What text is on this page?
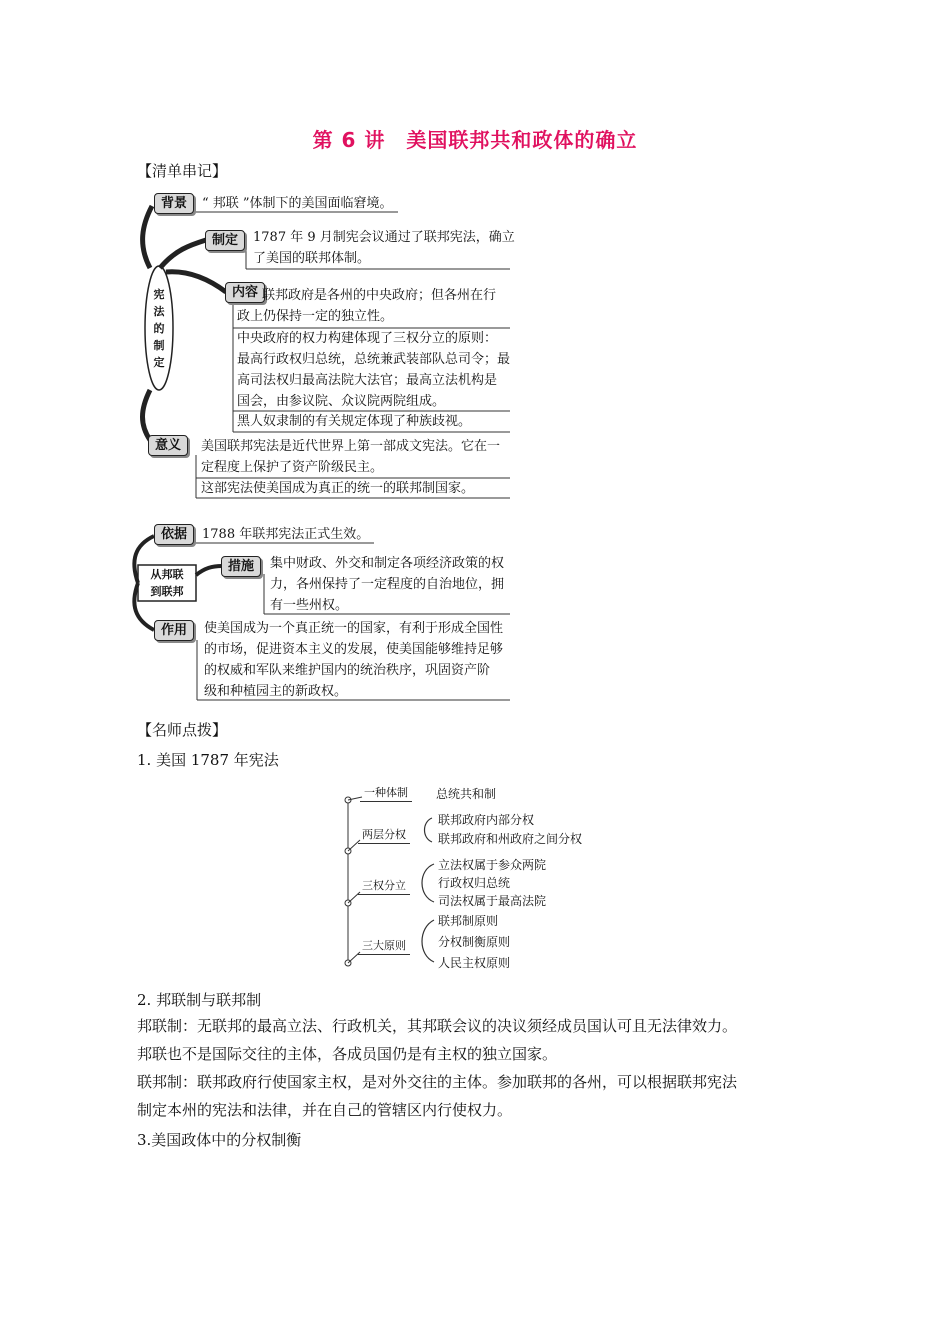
第 6 讲　美国联邦共和政体的确立
【清单串记】
宪
法
的
制
定
背景	“ 邦联 ”体制下的美国面临窘境。
制定	1787 年 9 月制宪会议通过了联邦宪法，确立
了美国的联邦体制。
内容 联邦政府是各州的中央政府；但各州在行
政上仍保持一定的独立性。
中央政府的权力构建体现了三权分立的原则：
最高行政权归总统，总统兼武装部队总司令；最
高司法权归最高法院大法官；最高立法机构是
国会，由参议院、众议院两院组成。
黑人奴隶制的有关规定体现了种族歧视。
意义	美国联邦宪法是近代世界上第一部成文宪法。它在一
定程度上保护了资产阶级民主。
这部宪法使美国成为真正的统一的联邦制国家。
从邦联
到联邦
依据	1788 年联邦宪法正式生效。
措施	集中财政、外交和制定各项经济政策的权
力，各州保持了一定程度的自治地位，拥
有一些州权。
作用	使美国成为一个真正统一的国家，有利于形成全国性
的市场，促进资本主义的发展，使美国能够维持足够
的权威和军队来维护国内的统治秩序，巩固资产阶
级和种植园主的新政权。
【名师点拨】
1. 美国 1787 年宪法
一种体制	总统共和制
两层分权
联邦政府内部分权
联邦政府和州政府之间分权
三权分立
立法权属于参众两院
行政权归总统
司法权属于最高法院
三大原则
联邦制原则
分权制衡原则
人民主权原则
2. 邦联制与联邦制
邦联制：无联邦的最高立法、行政机关，其邦联会议的决议须经成员国认可且无法律效力。
邦联也不是国际交往的主体，各成员国仍是有主权的独立国家。
联邦制：联邦政府行使国家主权，是对外交往的主体。参加联邦的各州，可以根据联邦宪法
制定本州的宪法和法律，并在自己的管辖区内行使权力。
3.美国政体中的分权制衡
